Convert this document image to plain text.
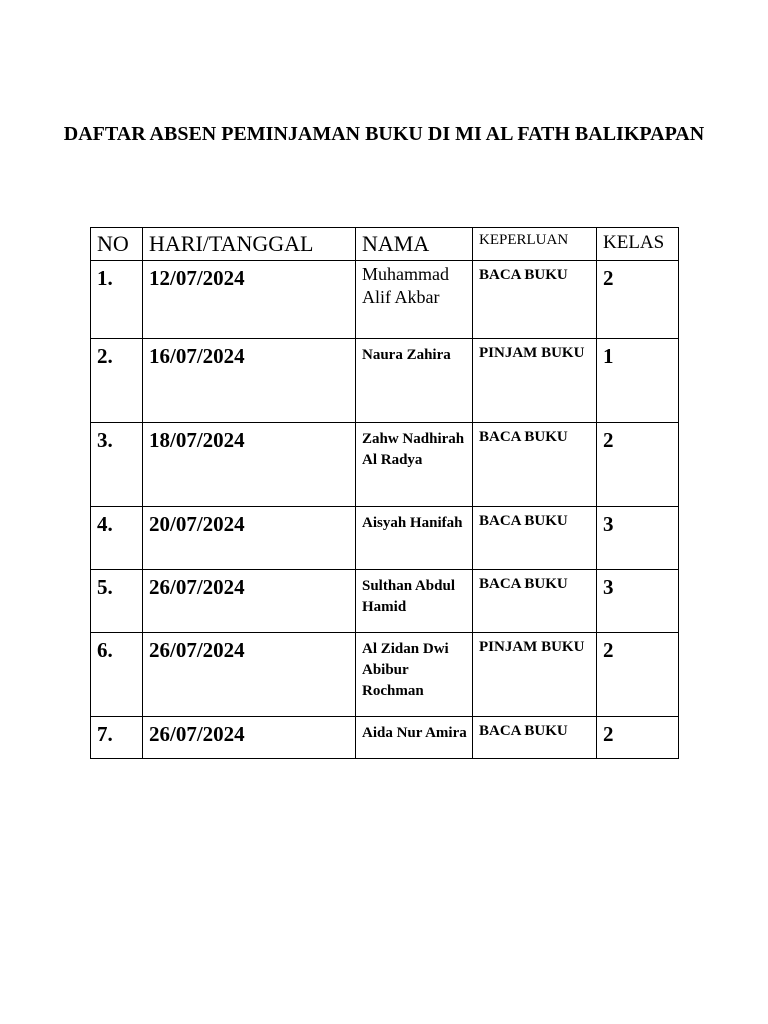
DAFTAR ABSEN PEMINJAMAN BUKU DI MI AL FATH BALIKPAPAN
NO	HARI/TANGGAL	NAMA	KEPERLUAN	KELAS
1.	12/07/2024	Muhammad Alif Akbar	BACA BUKU	2
2.	16/07/2024	Naura Zahira	PINJAM BUKU	1
3.	18/07/2024	Zahw Nadhirah Al Radya	BACA BUKU	2
4.	20/07/2024	Aisyah Hanifah	BACA BUKU	3
5.	26/07/2024	Sulthan Abdul Hamid	BACA BUKU	3
6.	26/07/2024	Al Zidan Dwi Abibur Rochman	PINJAM BUKU	2
7.	26/07/2024	Aida Nur Amira	BACA BUKU	2
